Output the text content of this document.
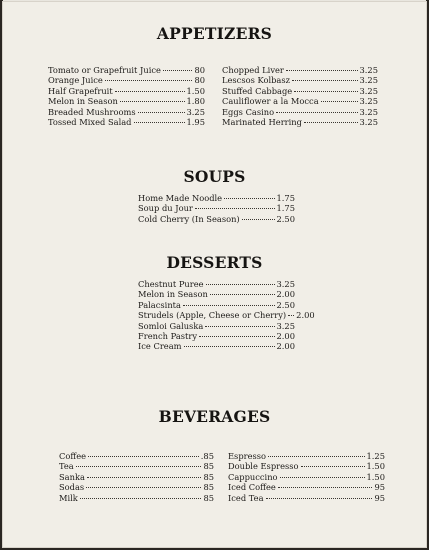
APPETIZERS
Tomato or Grapefruit Juice	80
Orange Juice	80
Half Grapefruit	1.50
Melon in Season	1.80
Breaded Mushrooms	3.25
Tossed Mixed Salad	1.95
Chopped Liver	3.25
Lescsos Kolbasz	3.25
Stuffed Cabbage	3.25
Cauliflower a la Mocca	3.25
Eggs Casino	3.25
Marinated Herring	3.25
SOUPS
Home Made Noodle	1.75
Soup du Jour	1.75
Cold Cherry (In Season)	2.50
DESSERTS
Chestnut Puree	3.25
Melon in Season	2.00
Palacsinta	2.50
Strudels (Apple, Cheese or Cherry) 2.00
Somloi Galuska	3.25
French Pastry	2.00
Ice Cream	2.00
BEVERAGES
Coffee	.85
Tea	85
Sanka	85
Sodas	85
Milk	85
Espresso	1.25
Double Espresso	1.50
Cappuccino	1.50
Iced Coffee	95
Iced Tea	95
